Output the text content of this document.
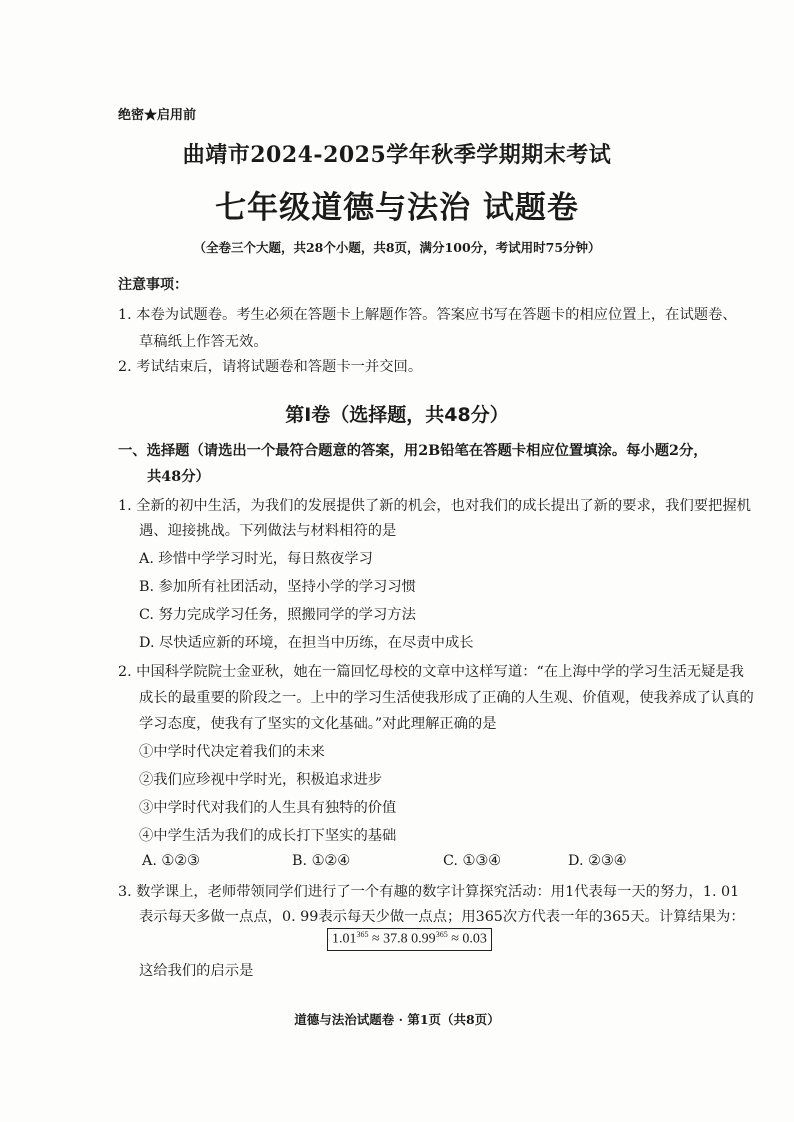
绝密★启用前
曲靖市2024-2025学年秋季学期期末考试
七年级道德与法治 试题卷
（全卷三个大题，共28个小题，共8页，满分100分，考试用时75分钟）
注意事项：
1. 本卷为试题卷。考生必须在答题卡上解题作答。答案应书写在答题卡的相应位置上，在试题卷、
草稿纸上作答无效。
2. 考试结束后，请将试题卷和答题卡一并交回。
第Ⅰ卷（选择题，共48分）
一、选择题（请选出一个最符合题意的答案，用2B铅笔在答题卡相应位置填涂。每小题2分，
共48分）
1. 全新的初中生活，为我们的发展提供了新的机会，也对我们的成长提出了新的要求，我们要把握机
遇、迎接挑战。下列做法与材料相符的是
A. 珍惜中学学习时光，每日熬夜学习
B. 参加所有社团活动，坚持小学的学习习惯
C. 努力完成学习任务，照搬同学的学习方法
D. 尽快适应新的环境，在担当中历练，在尽责中成长
2. 中国科学院院士金亚秋，她在一篇回忆母校的文章中这样写道：“在上海中学的学习生活无疑是我
成长的最重要的阶段之一。上中的学习生活使我形成了正确的人生观、价值观，使我养成了认真的
学习态度，使我有了坚实的文化基础。”对此理解正确的是
①中学时代决定着我们的未来
②我们应珍视中学时光，积极追求进步
③中学时代对我们的人生具有独特的价值
④中学生活为我们的成长打下坚实的基础
A. ①②③	B. ①②④	C. ①③④	D. ②③④
3. 数学课上，老师带领同学们进行了一个有趣的数字计算探究活动：用1代表每一天的努力，1. 01
表示每天多做一点点，0. 99表示每天少做一点点；用365次方代表一年的365天。计算结果为：
$1.01^{365} \approx 37.8$ $0.99^{365} \approx 0.03$
这给我们的启示是
道德与法治试题卷 · 第1页（共8页）
